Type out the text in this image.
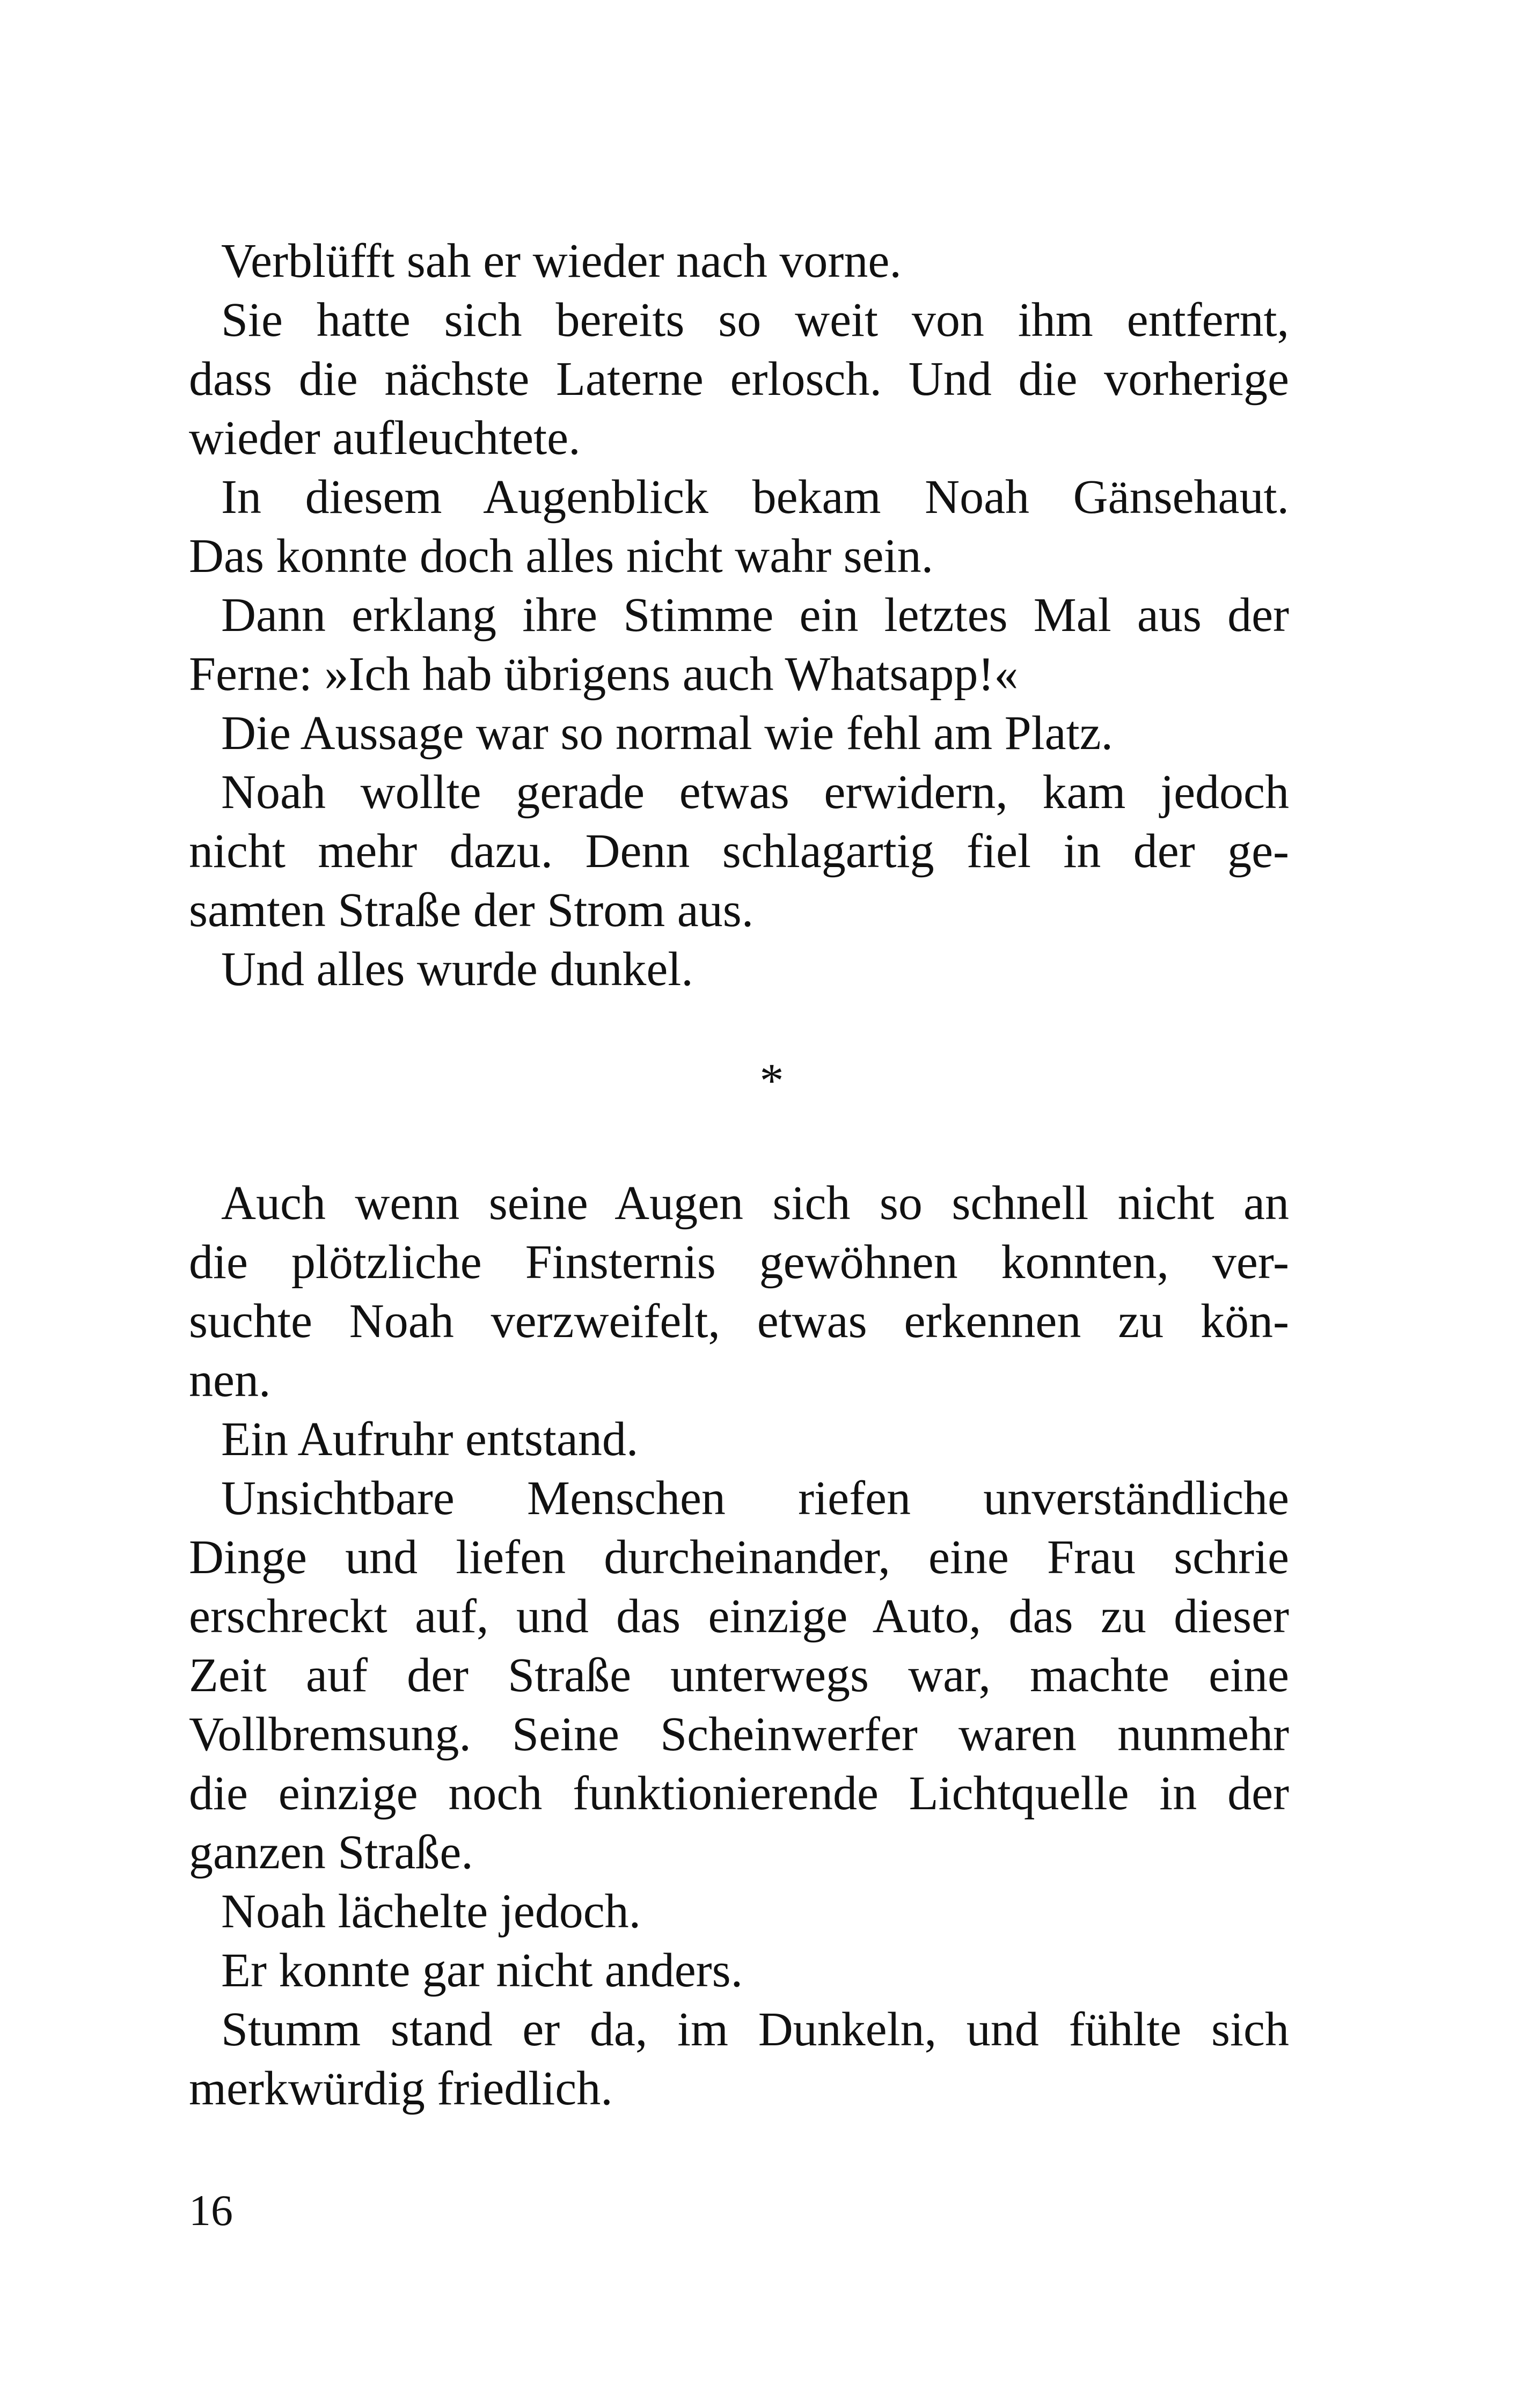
Verblüfft sah er wieder nach vorne.
Sie hatte sich bereits so weit von ihm entfernt,
dass die nächste Laterne erlosch. Und die vorherige
wieder aufleuchtete.
In diesem Augenblick bekam Noah Gänsehaut.
Das konnte doch alles nicht wahr sein.
Dann erklang ihre Stimme ein letztes Mal aus der
Ferne: »Ich hab übrigens auch Whatsapp!«
Die Aussage war so normal wie fehl am Platz.
Noah wollte gerade etwas erwidern, kam jedoch
nicht mehr dazu. Denn schlagartig fiel in der ge-
samten Straße der Strom aus.
Und alles wurde dunkel.
*
Auch wenn seine Augen sich so schnell nicht an
die plötzliche Finsternis gewöhnen konnten, ver-
suchte Noah verzweifelt, etwas erkennen zu kön-
nen.
Ein Aufruhr entstand.
Unsichtbare Menschen riefen unverständliche
Dinge und liefen durcheinander, eine Frau schrie
erschreckt auf, und das einzige Auto, das zu dieser
Zeit auf der Straße unterwegs war, machte eine
Vollbremsung. Seine Scheinwerfer waren nunmehr
die einzige noch funktionierende Lichtquelle in der
ganzen Straße.
Noah lächelte jedoch.
Er konnte gar nicht anders.
Stumm stand er da, im Dunkeln, und fühlte sich
merkwürdig friedlich.
16
